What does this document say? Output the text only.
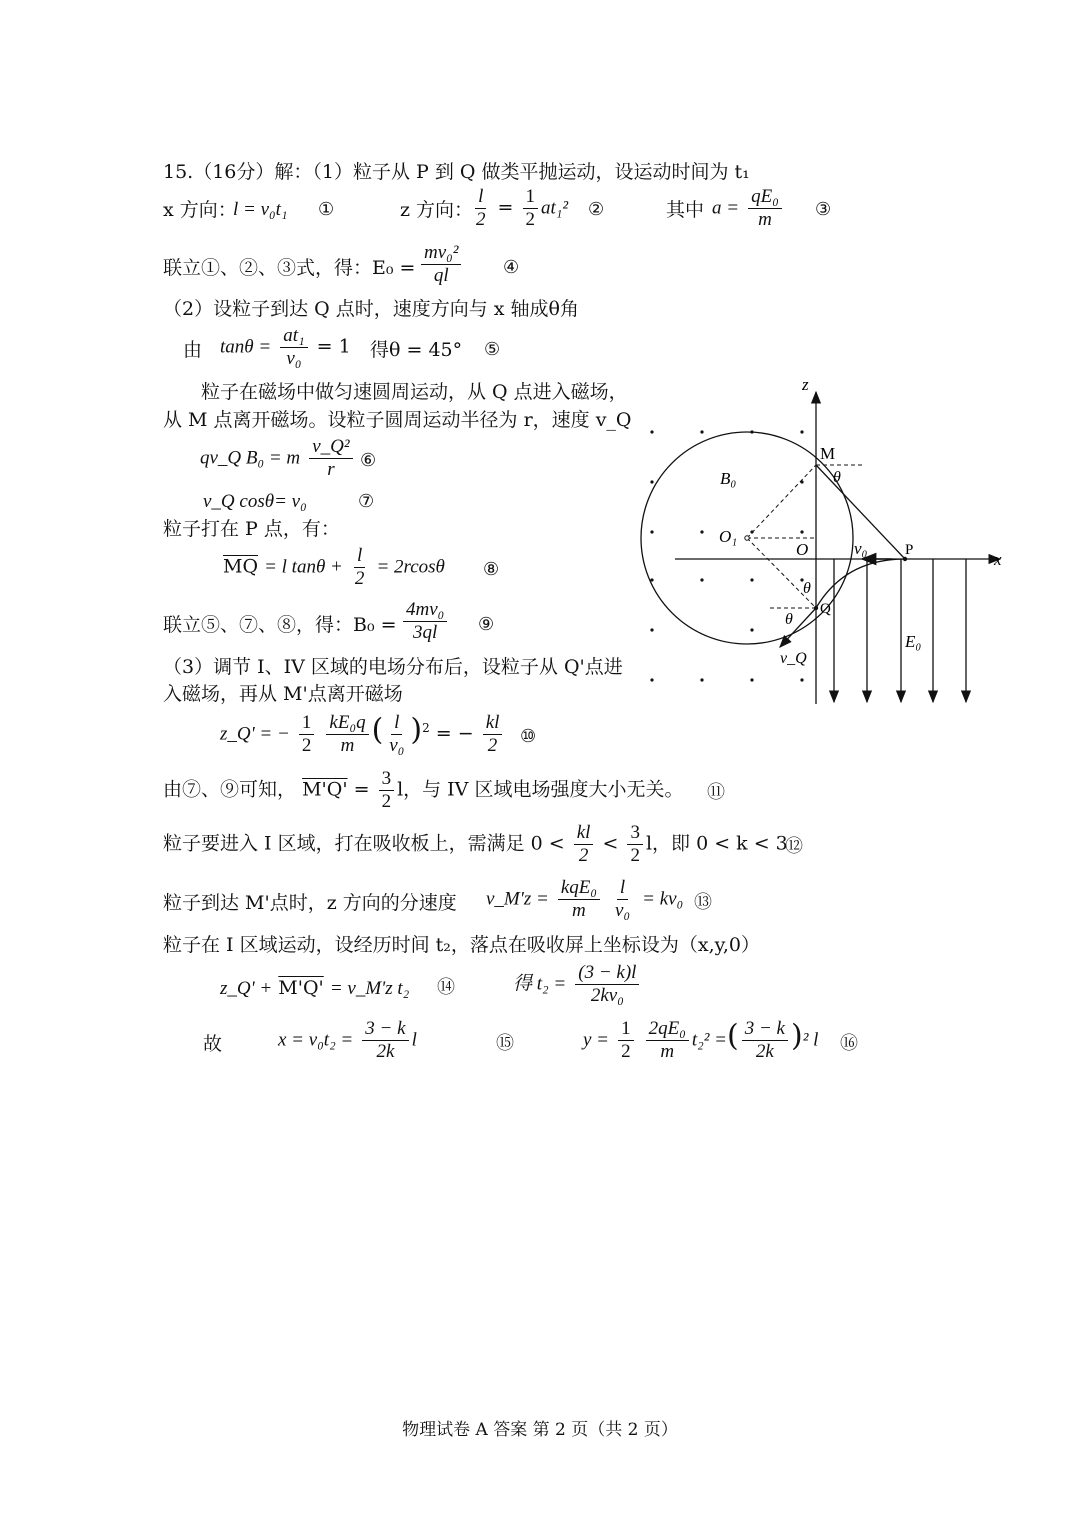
15.（16分）解：（1）粒子从 P 到 Q 做类平抛运动，设运动时间为 t₁
x 方向：
l = v₀t₁ ①	z 方向： $\frac{l}{2} = \frac{1}{2} at_1^2$ ②	其中 $a = \frac{\text{qE₀}}{m}$ ③
联立①、②、③式，得：$E_0 = \frac{\text{mv₀²}}{ql}$ ④
（2）设粒子到达 Q 点时，速度方向与 x 轴成θ角
由 $\tan\theta = \frac{\text{at₁}}{\text{v₀}} = 1$ 得θ = 45° ⑤
粒子在磁场中做匀速圆周运动，从 Q 点进入磁场，
从 M 点离开磁场。设粒子圆周运动半径为 r，速度 v_Q
qv_Q B₀ = m $\frac{\text{v\_Q²}}{r}$ ⑥
v_Q cosθ= v₀	⑦
粒子打在 P 点，有：
$\overline{MQ} = l$ $\tan\theta + \frac{l}{2} = 2rcos\theta$ ⑧
联立⑤、⑦、⑧，得：$B_0 = \frac{\text{4mv₀}}{3ql}$ ⑨
（3）调节 I、IV 区域的电场分布后，设粒子从 Q'点进
入磁场，再从 M'点离开磁场
z_Q' = − $\frac{1}{2}$
$\frac{\text{kE₀q}}{m}$ ( $\frac{l}{\text{v₀}} )^2$ = − $\frac{kl}{2}$ ⑩
由⑦、⑨可知， $M'Q' = \frac{3}{2}$ l，与 IV 区域电场强度大小无关。 ⑪
粒子要进入 I 区域，打在吸收板上，需满足 $0 < \frac{kl}{2} < \frac{3}{2}$ l，即 0 < k < 3
⑫
粒子到达 M'点时，z 方向的分速度 v_M'z = $\frac{\text{kqE₀}}{m}$
$\frac{l}{\text{v₀}} = kv_0$ ⑬
粒子在 I 区域运动，设经历时间 t₂，落点在吸收屏上坐标设为（x,y,0）
z_Q' + M'Q' = v_M'z t₂ ⑭	得 $t_2 = \frac{(3 - k)l}{\text{2kv₀}}$
故	$x = v_0t_2 = \frac{3 - k}{2k}$ l	⑮	$y = \frac{1}{2}$
$\frac{\text{2qE₀}}{m} t_2^2$ =( $\frac{3 - k}{2k} )^2$ l ⑯
z
x
M
θ
B₀
O₁
O	v₀	P
θ
Q
θ
v_Q
E₀
物理试卷 A 答案 第 2 页（共 2 页）
